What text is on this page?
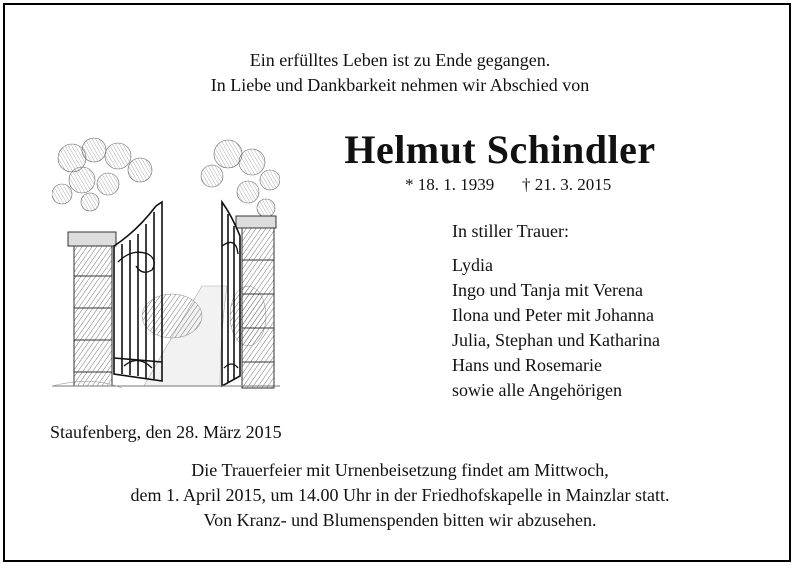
Ein erfülltes Leben ist zu Ende gegangen.
In Liebe und Dankbarkeit nehmen wir Abschied von
Helmut Schindler
* 18. 1. 1939 † 21. 3. 2015
In stiller Trauer:
Lydia
Ingo und Tanja mit Verena
Ilona und Peter mit Johanna
Julia, Stephan und Katharina
Hans und Rosemarie
sowie alle Angehörigen
Staufenberg, den 28. März 2015
Die Trauerfeier mit Urnenbeisetzung findet am Mittwoch,
dem 1. April 2015, um 14.00 Uhr in der Friedhofskapelle in Mainzlar statt.
Von Kranz- und Blumenspenden bitten wir abzusehen.
